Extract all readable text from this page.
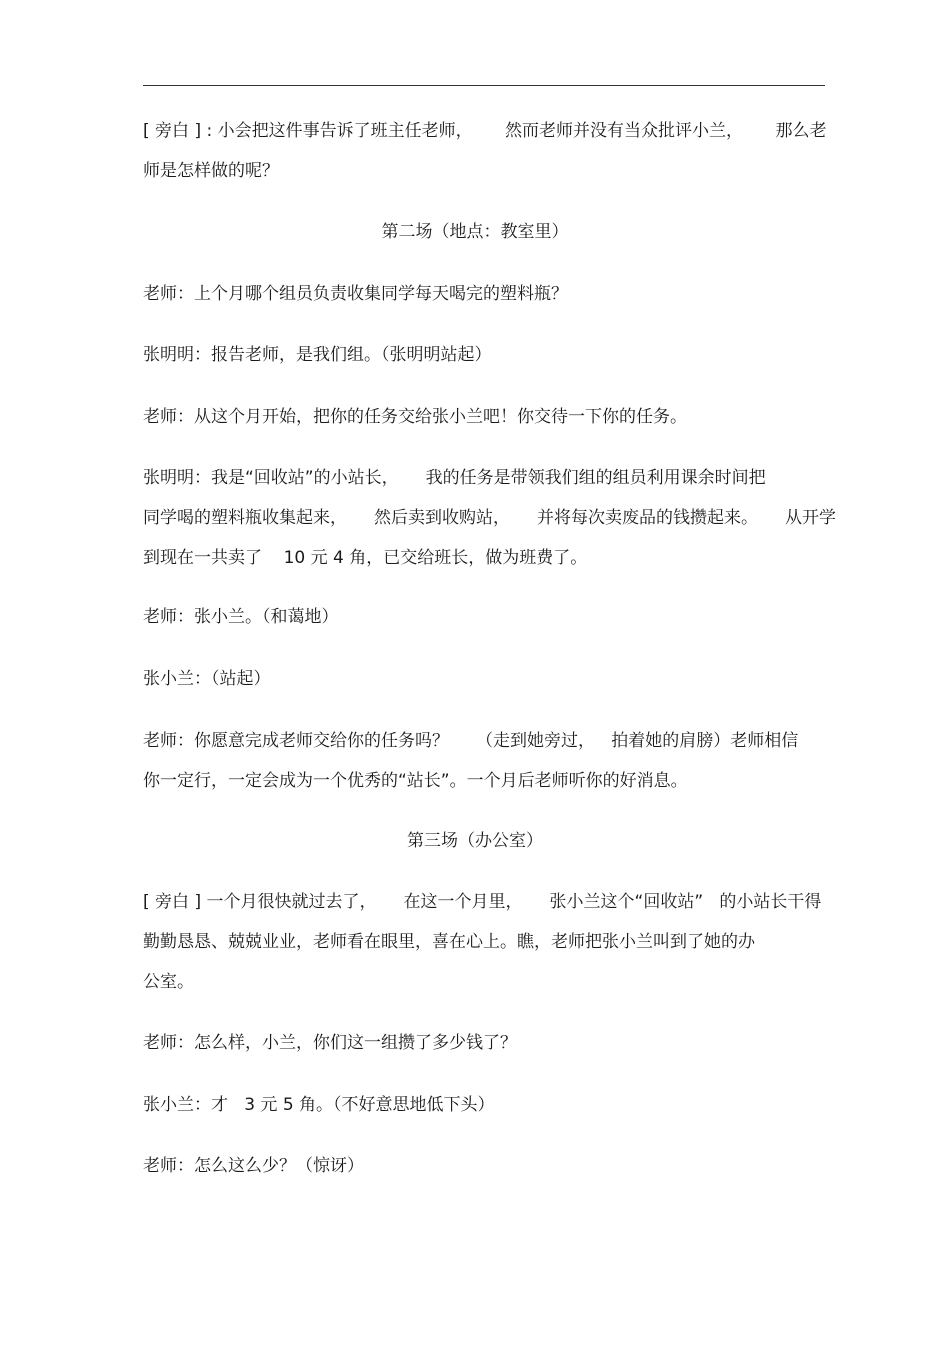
[ 旁白 ] : 小会把这件事告诉了班主任老师，      然而老师并没有当众批评小兰，      那么老

师是怎样做的呢？

第二场（地点：教室里）

老师：上个月哪个组员负责收集同学每天喝完的塑料瓶？

张明明：报告老师，是我们组。（张明明站起）

老师：从这个月开始，把你的任务交给张小兰吧！你交待一下你的任务。

张明明：我是“回收站”的小站长，     我的任务是带领我们组的组员利用课余时间把

同学喝的塑料瓶收集起来，     然后卖到收购站，     并将每次卖废品的钱攒起来。     从开学

到现在一共卖了    10 元 4 角，已交给班长，做为班费了。

老师：张小兰。（和蔼地）

张小兰：（站起）

老师：你愿意完成老师交给你的任务吗？     （走到她旁过，   拍着她的肩膀）老师相信

你一定行，一定会成为一个优秀的“站长”。一个月后老师听你的好消息。

第三场（办公室）

[ 旁白 ] 一个月很快就过去了，     在这一个月里，     张小兰这个“回收站”   的小站长干得

勤勤恳恳、兢兢业业，老师看在眼里，喜在心上。瞧，老师把张小兰叫到了她的办

公室。

老师：怎么样，小兰，你们这一组攒了多少钱了？

张小兰：才   3 元 5 角。（不好意思地低下头）

老师：怎么这么少？（惊讶）
